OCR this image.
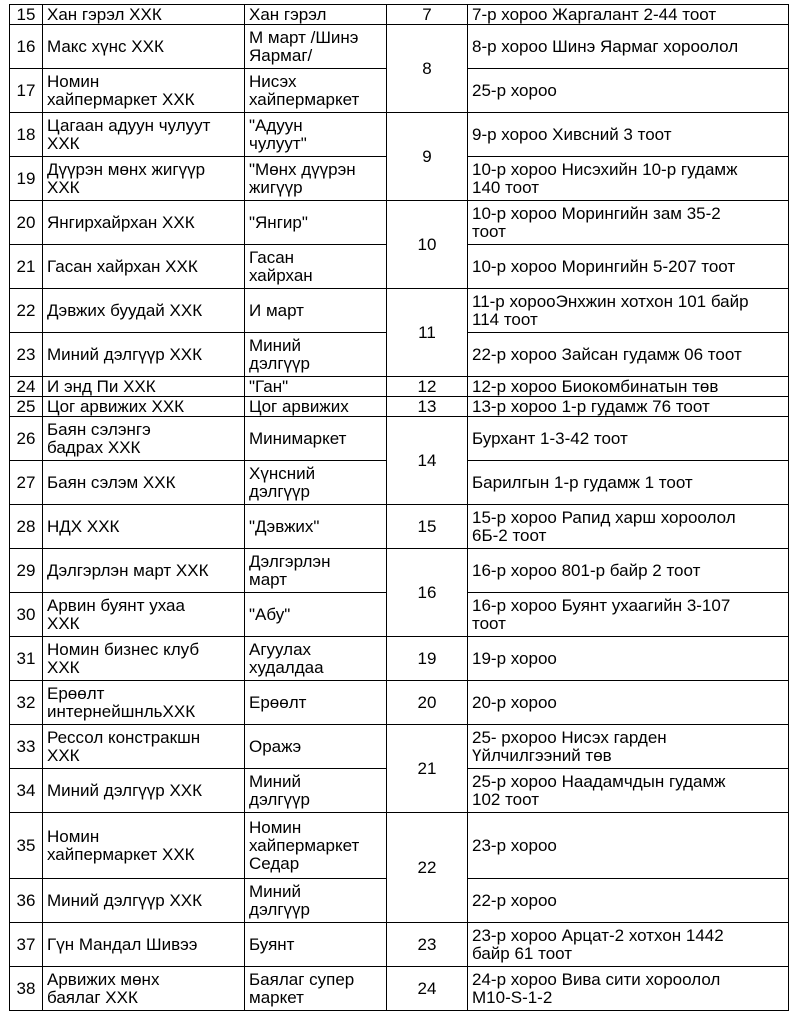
15	Хан гэрэл ХХК	Хан гэрэл	7	7-р хороо Жаргалант 2-44 тоот
16	Макс хүнс ХХК	М март /Шинэ
Яармаг/	8	8-р хороо Шинэ Яармаг хороолол
17	Номин
хайпермаркет ХХК	Нисэх
хайпермаркет		25-р хороо
18	Цагаан адуун чулуут
ХХК	"Адуун
чулуут"	9	9-р хороо Хивсний 3 тоот
19	Дүүрэн мөнх жигүүр
ХХК	"Мөнх дүүрэн
жигүүр		10-р хороо Нисэхийн 10-р гудамж
140 тоот
20	Янгирхайрхан ХХК	"Янгир"	10	10-р хороо Морингийн зам 35-2
тоот
21	Гасан хайрхан ХХК	Гасан
хайрхан		10-р хороо Морингийн 5-207 тоот
22	Дэвжих буудай ХХК	И март	11	11-р хорооЭнхжин хотхон 101 байр
114 тоот
23	Миний дэлгүүр ХХК	Миний
дэлгүүр		22-р хороо Зайсан гудамж 06 тоот
24	И энд Пи ХХК	"Ган"	12	12-р хороо Биокомбинатын төв
25	Цог арвижих ХХК	Цог арвижих	13	13-р хороо 1-р гудамж 76 тоот
26	Баян сэлэнгэ
бадрах ХХК	Минимаркет	14	Бурхант 1-3-42 тоот
27	Баян сэлэм ХХК	Хүнсний
дэлгүүр		Барилгын 1-р гудамж 1 тоот
28	НДХ ХХК	"Дэвжих"	15	15-р хороо Рапид харш хороолол
6Б-2 тоот
29	Дэлгэрлэн март ХХК	Дэлгэрлэн
март	16	16-р хороо 801-р байр 2 тоот
30	Арвин буянт ухаа
ХХК	"Абу"		16-р хороо Буянт ухаагийн 3-107
тоот
31	Номин бизнес клуб
ХХК	Агуулах
худалдаа	19	19-р хороо
32	Ерөөлт
интернейшнльХХК	Ерөөлт	20	20-р хороо
33	Рессол констракшн
ХХК	Оражэ	21	25- рхороо Нисэх гарден
Үйлчилгээний төв
34	Миний дэлгүүр ХХК	Миний
дэлгүүр		25-р хороо Наадамчдын гудамж
102 тоот
35	Номин
хайпермаркет ХХК	Номин
хайпермаркет
Седар	22	23-р хороо
36	Миний дэлгүүр ХХК	Миний
дэлгүүр		22-р хороо
37	Гүн Мандал Шивээ	Буянт	23	23-р хороо Арцат-2 хотхон 1442
байр 61 тоот
38	Арвижих мөнх
баялаг ХХК	Баялаг супер
маркет	24	24-р хороо Вива сити хороолол
М10-S-1-2
